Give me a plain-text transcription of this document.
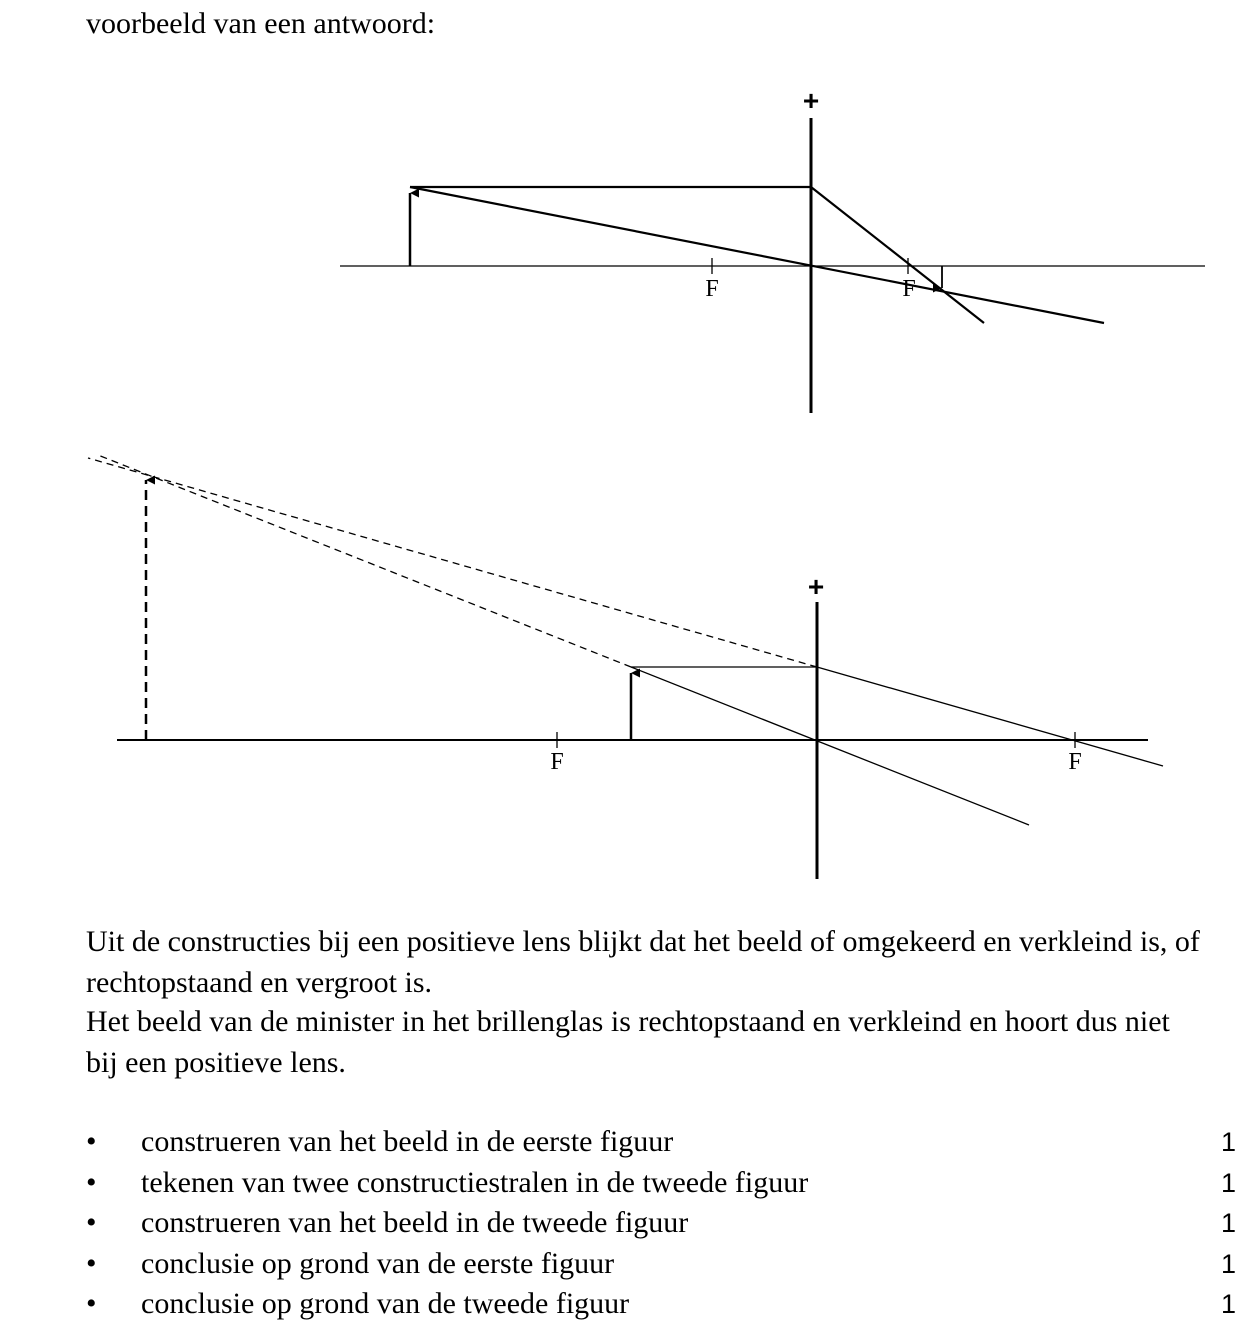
voorbeeld van een antwoord:
+
F	F
+
F	F

Uit de constructies bij een positieve lens blijkt dat het beeld of omgekeerd en verkleind is, of rechtopstaand en vergroot is.

Het beeld van de minister in het brillenglas is rechtopstaand en verkleind en hoort dus niet bij een positieve lens.

• construeren van het beeld in de eerste figuur	1
• tekenen van twee constructiestralen in de tweede figuur	1
• construeren van het beeld in de tweede figuur	1
• conclusie op grond van de eerste figuur	1
• conclusie op grond van de tweede figuur	1
